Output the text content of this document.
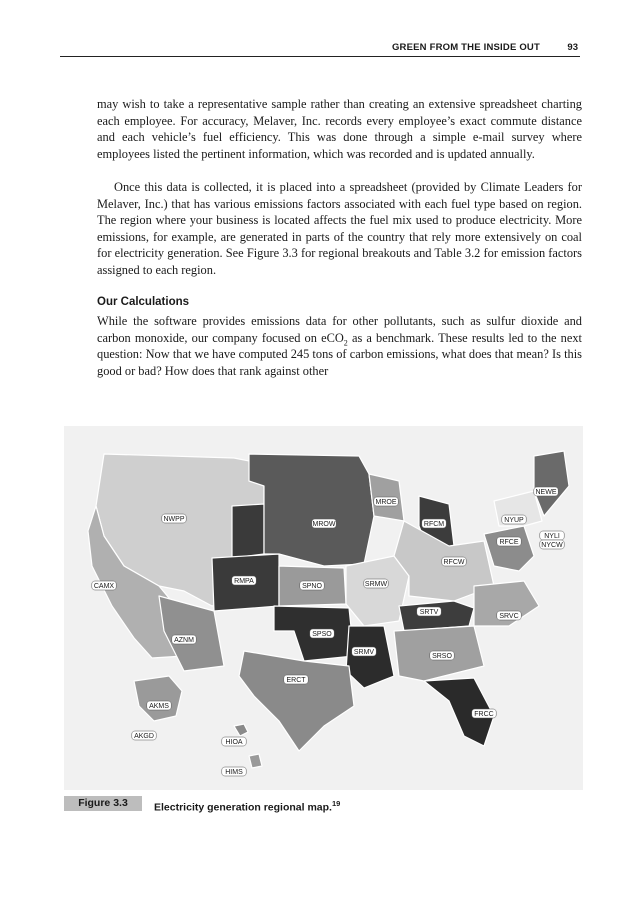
GREEN FROM THE INSIDE OUT	93

may wish to take a representative sample rather than creating an extensive spreadsheet charting each employee. For accuracy, Melaver, Inc. records every employee’s exact commute distance and each vehicle’s fuel efficiency. This was done through a simple e-mail survey where employees listed the pertinent information, which was recorded and is updated annually.

Once this data is collected, it is placed into a spreadsheet (provided by Climate Leaders for Melaver, Inc.) that has various emissions factors associated with each fuel type based on region. The region where your business is located affects the fuel mix used to produce electricity. More emissions, for example, are generated in parts of the country that rely more extensively on coal for electricity generation. See Figure 3.3 for regional breakouts and Table 3.2 for emission factors assigned to each region.

Our Calculations

While the software provides emissions data for other pollutants, such as sulfur dioxide and carbon monoxide, our company focused on eCO$_2$ as a benchmark. These results led to the next question: Now that we have computed 245 tons of carbon emissions, what does that mean? Is this good or bad? How does that rank against other

NWPP
MROW
MROE
RFCM
NEWE
NYUP
NYLI
NYCW
RFCE
RFCW
RMPA
SPNO	SRMW
CAMX
SRTV
SRVC
AZNM
SPSO
SRMV
SRSO
ERCT
FRCC
AKMS
AKGD
HIOA
HIMS
Figure 3.3	Electricity generation regional map.$^{19}$
